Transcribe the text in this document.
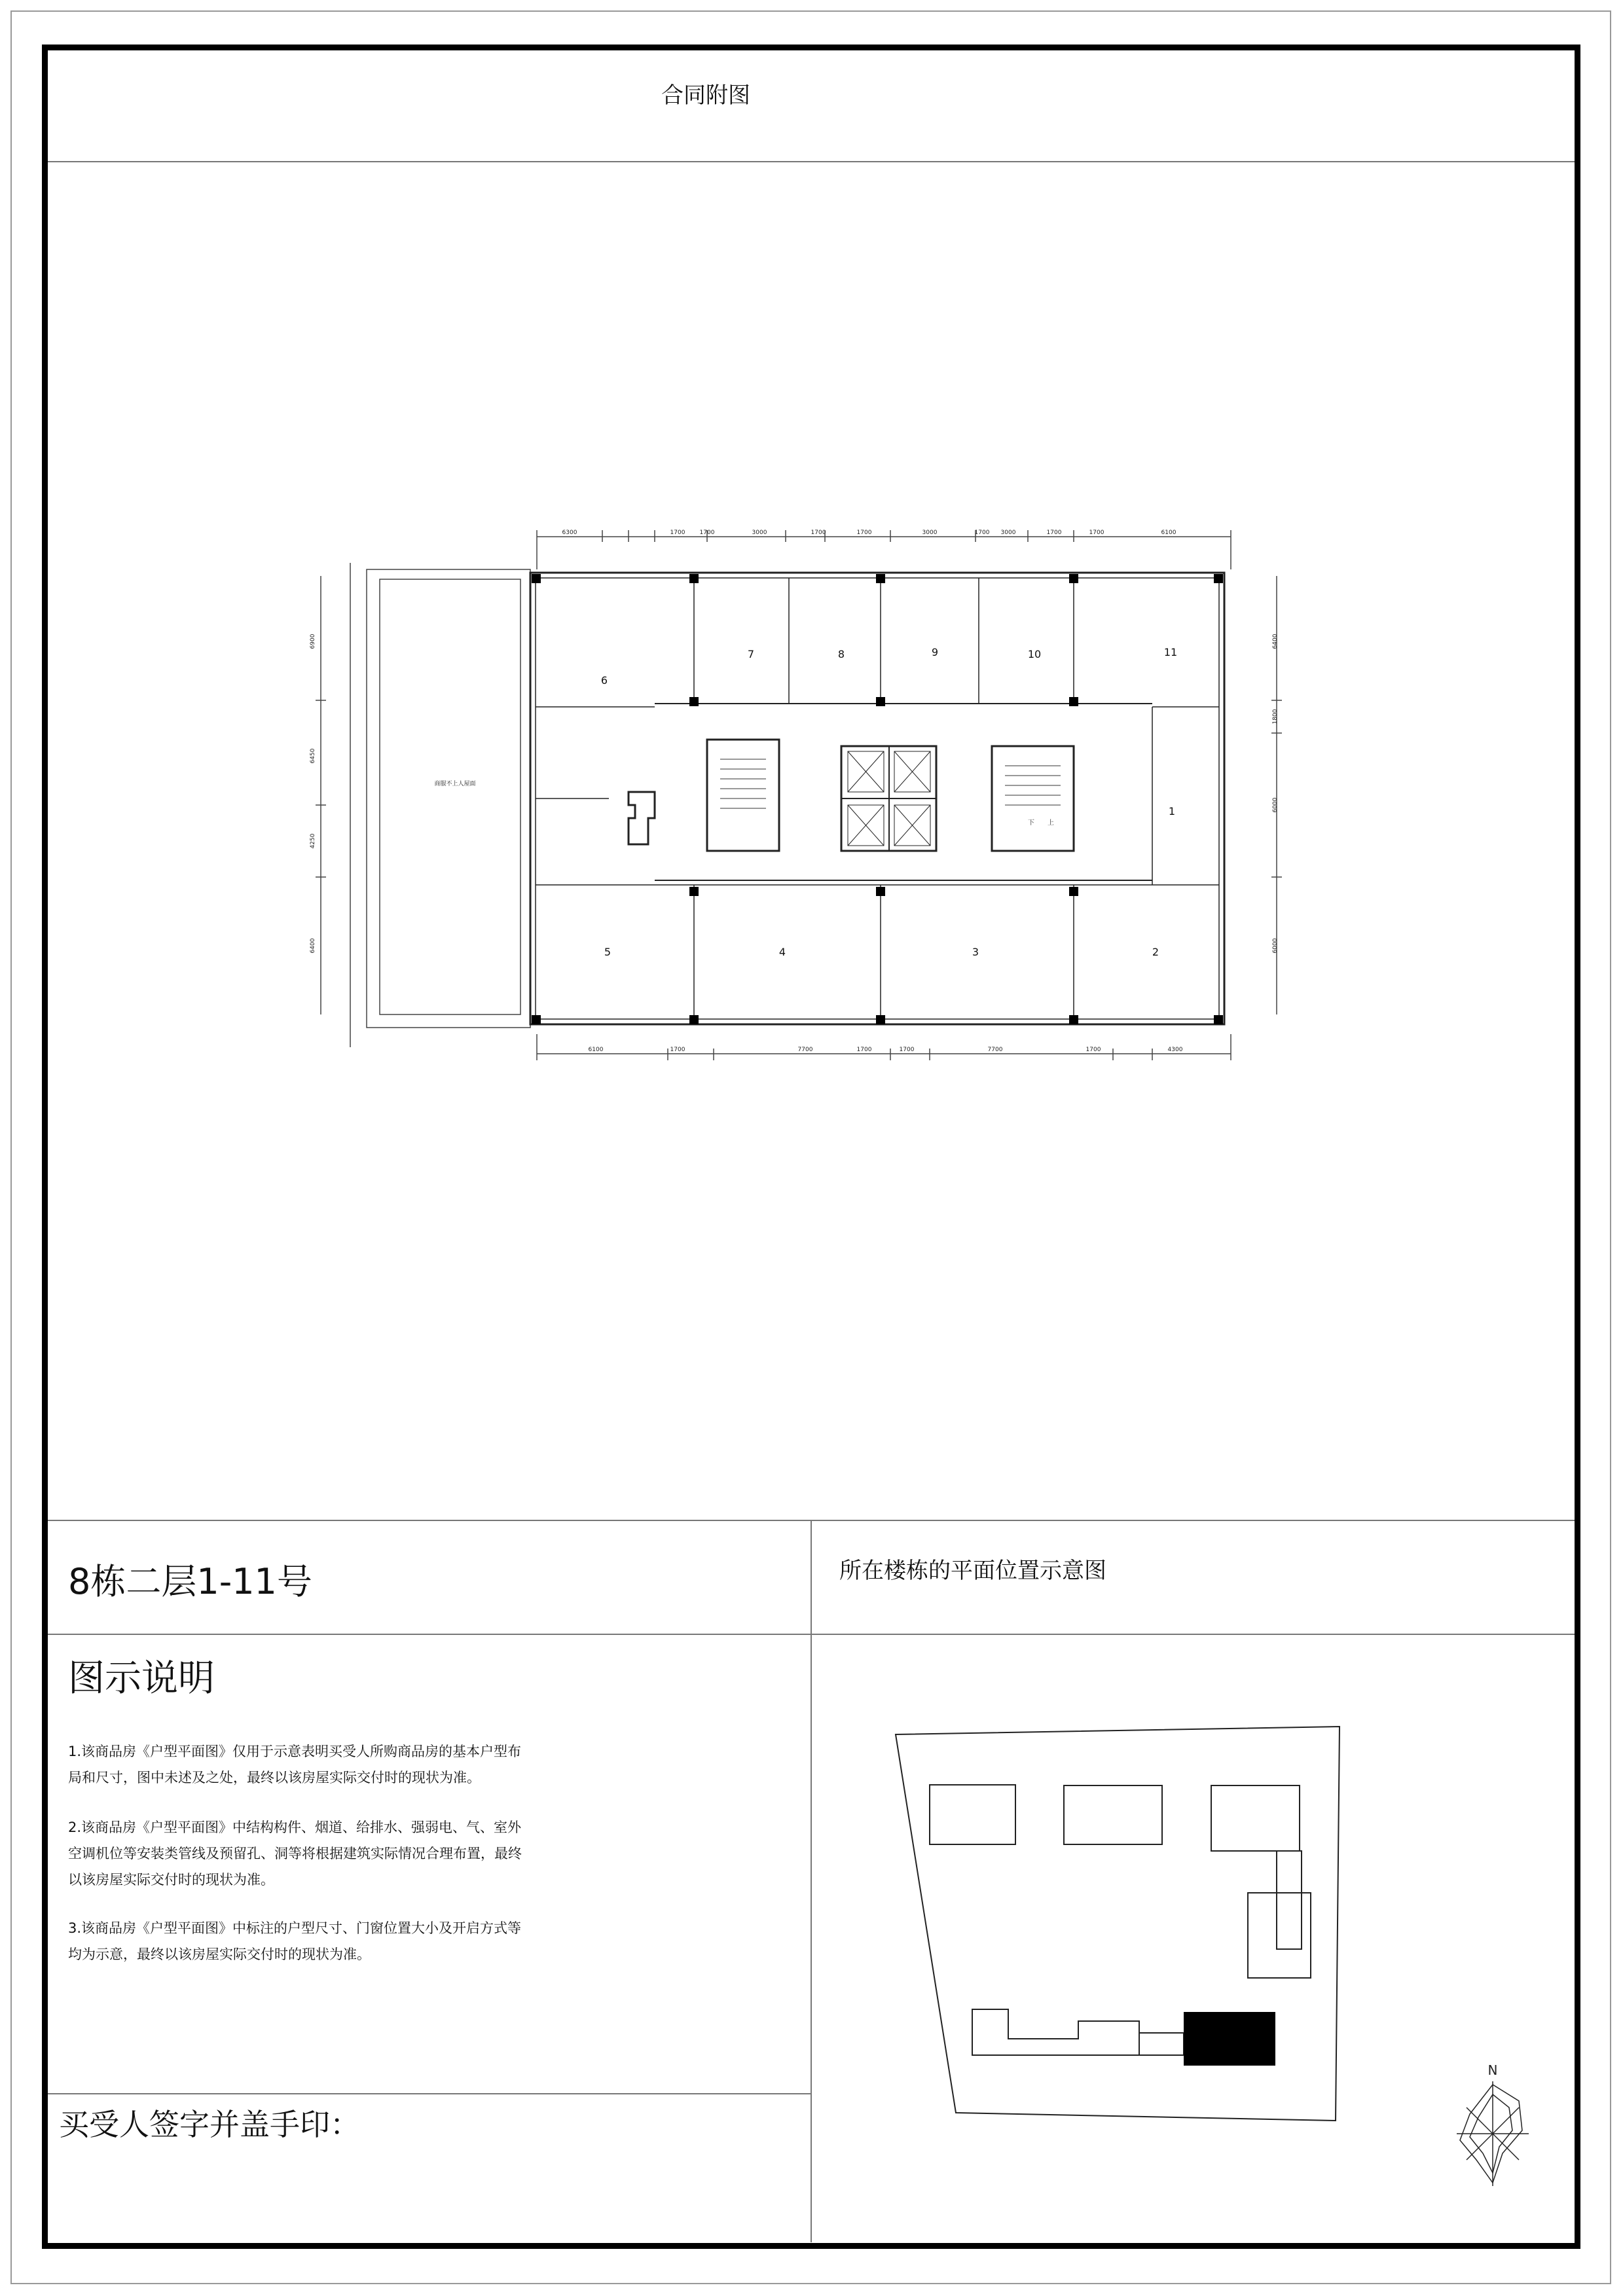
合同附图
6300	1700 1700	3000	1700	1700	3000	1700 3000	1700	1700	6100
6100	1700	7700	1700	1700	7700	1700	4300
6900
6450
4250
6400
6400
1800
6000
6000
商服不上人屋面
下 上
1
2
3
4
5
6
7	8	9	10	11
8栋二层1-11号	所在楼栋的平面位置示意图
图示说明
1.该商品房《户型平面图》仅用于示意表明买受人所购商品房的基本户型布局和尺寸，图中未述及之处，最终以该房屋实际交付时的现状为准。
2.该商品房《户型平面图》中结构构件、烟道、给排水、强弱电、气、室外空调机位等安装类管线及预留孔、洞等将根据建筑实际情况合理布置，最终以该房屋实际交付时的现状为准。
3.该商品房《户型平面图》中标注的户型尺寸、门窗位置大小及开启方式等均为示意，最终以该房屋实际交付时的现状为准。
买受人签字并盖手印：
N
